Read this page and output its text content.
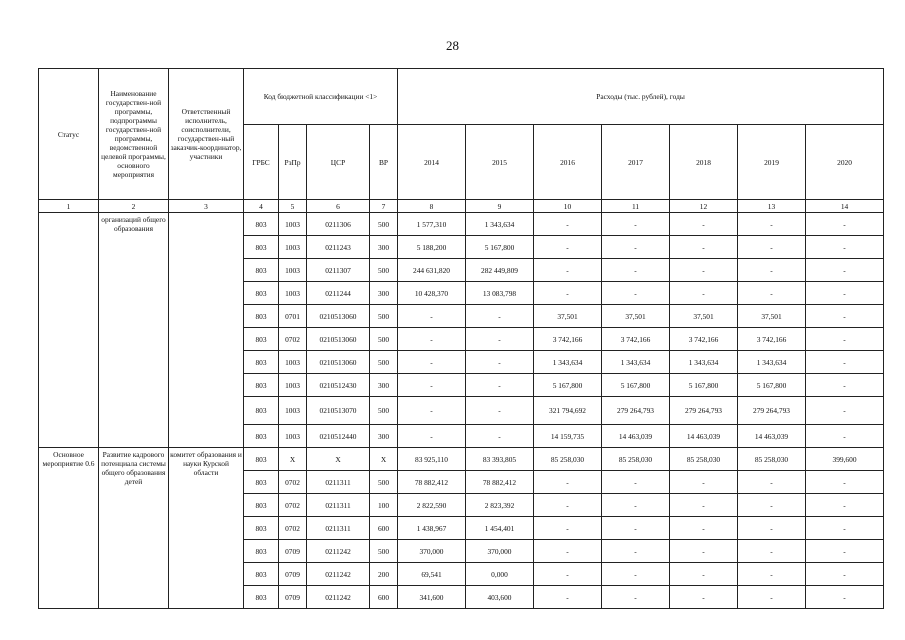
28
Статус	Наименование государствен-ной программы, подпрограммы государствен-ной программы, ведомственной целевой программы, основного мероприятия	Ответственный исполнитель, соисполнители, государствен-ный заказчик-координатор, участники	Код бюджетной классификации <1>				Расходы (тыс. рублей), годы						
			ГРБС	РзПр	ЦСР	ВР	2014	2015	2016	2017	2018	2019	2020
1	2	3	4	5	6	7	8	9	10	11	12	13	14
	организаций общего образования		803	1003	0211306	500	1 577,310	1 343,634	-	-	-	-	-
			803	1003	0211243	300	5 188,200	5 167,800	-	-	-	-	-
			803	1003	0211307	500	244 631,820	282 449,809	-	-	-	-	-
			803	1003	0211244	300	10 428,370	13 083,798	-	-	-	-	-
			803	0701	0210513060	500	-	-	37,501	37,501	37,501	37,501	-
			803	0702	0210513060	500	-	-	3 742,166	3 742,166	3 742,166	3 742,166	-
			803	1003	0210513060	500	-	-	1 343,634	1 343,634	1 343,634	1 343,634	-
			803	1003	0210512430	300	-	-	5 167,800	5 167,800	5 167,800	5 167,800	-
			803	1003	0210513070	500	-	-	321 794,692	279 264,793	279 264,793	279 264,793	-
			803	1003	0210512440	300	-	-	14 159,735	14 463,039	14 463,039	14 463,039	-
Основное мероприятие 0.6	Развитие кадрового потенциала системы общего образования детей	комитет образования и науки Курской области	803	Х	Х	Х	83 925,110	83 393,805	85 258,030	85 258,030	85 258,030	85 258,030	399,600
			803	0702	0211311	500	78 882,412	78 882,412	-	-	-	-	-
			803	0702	0211311	100	2 822,590	2 823,392	-	-	-	-	-
			803	0702	0211311	600	1 438,967	1 454,401	-	-	-	-	-
			803	0709	0211242	500	370,000	370,000	-	-	-	-	-
			803	0709	0211242	200	69,541	0,000	-	-	-	-	-
			803	0709	0211242	600	341,600	403,600	-	-	-	-	-
